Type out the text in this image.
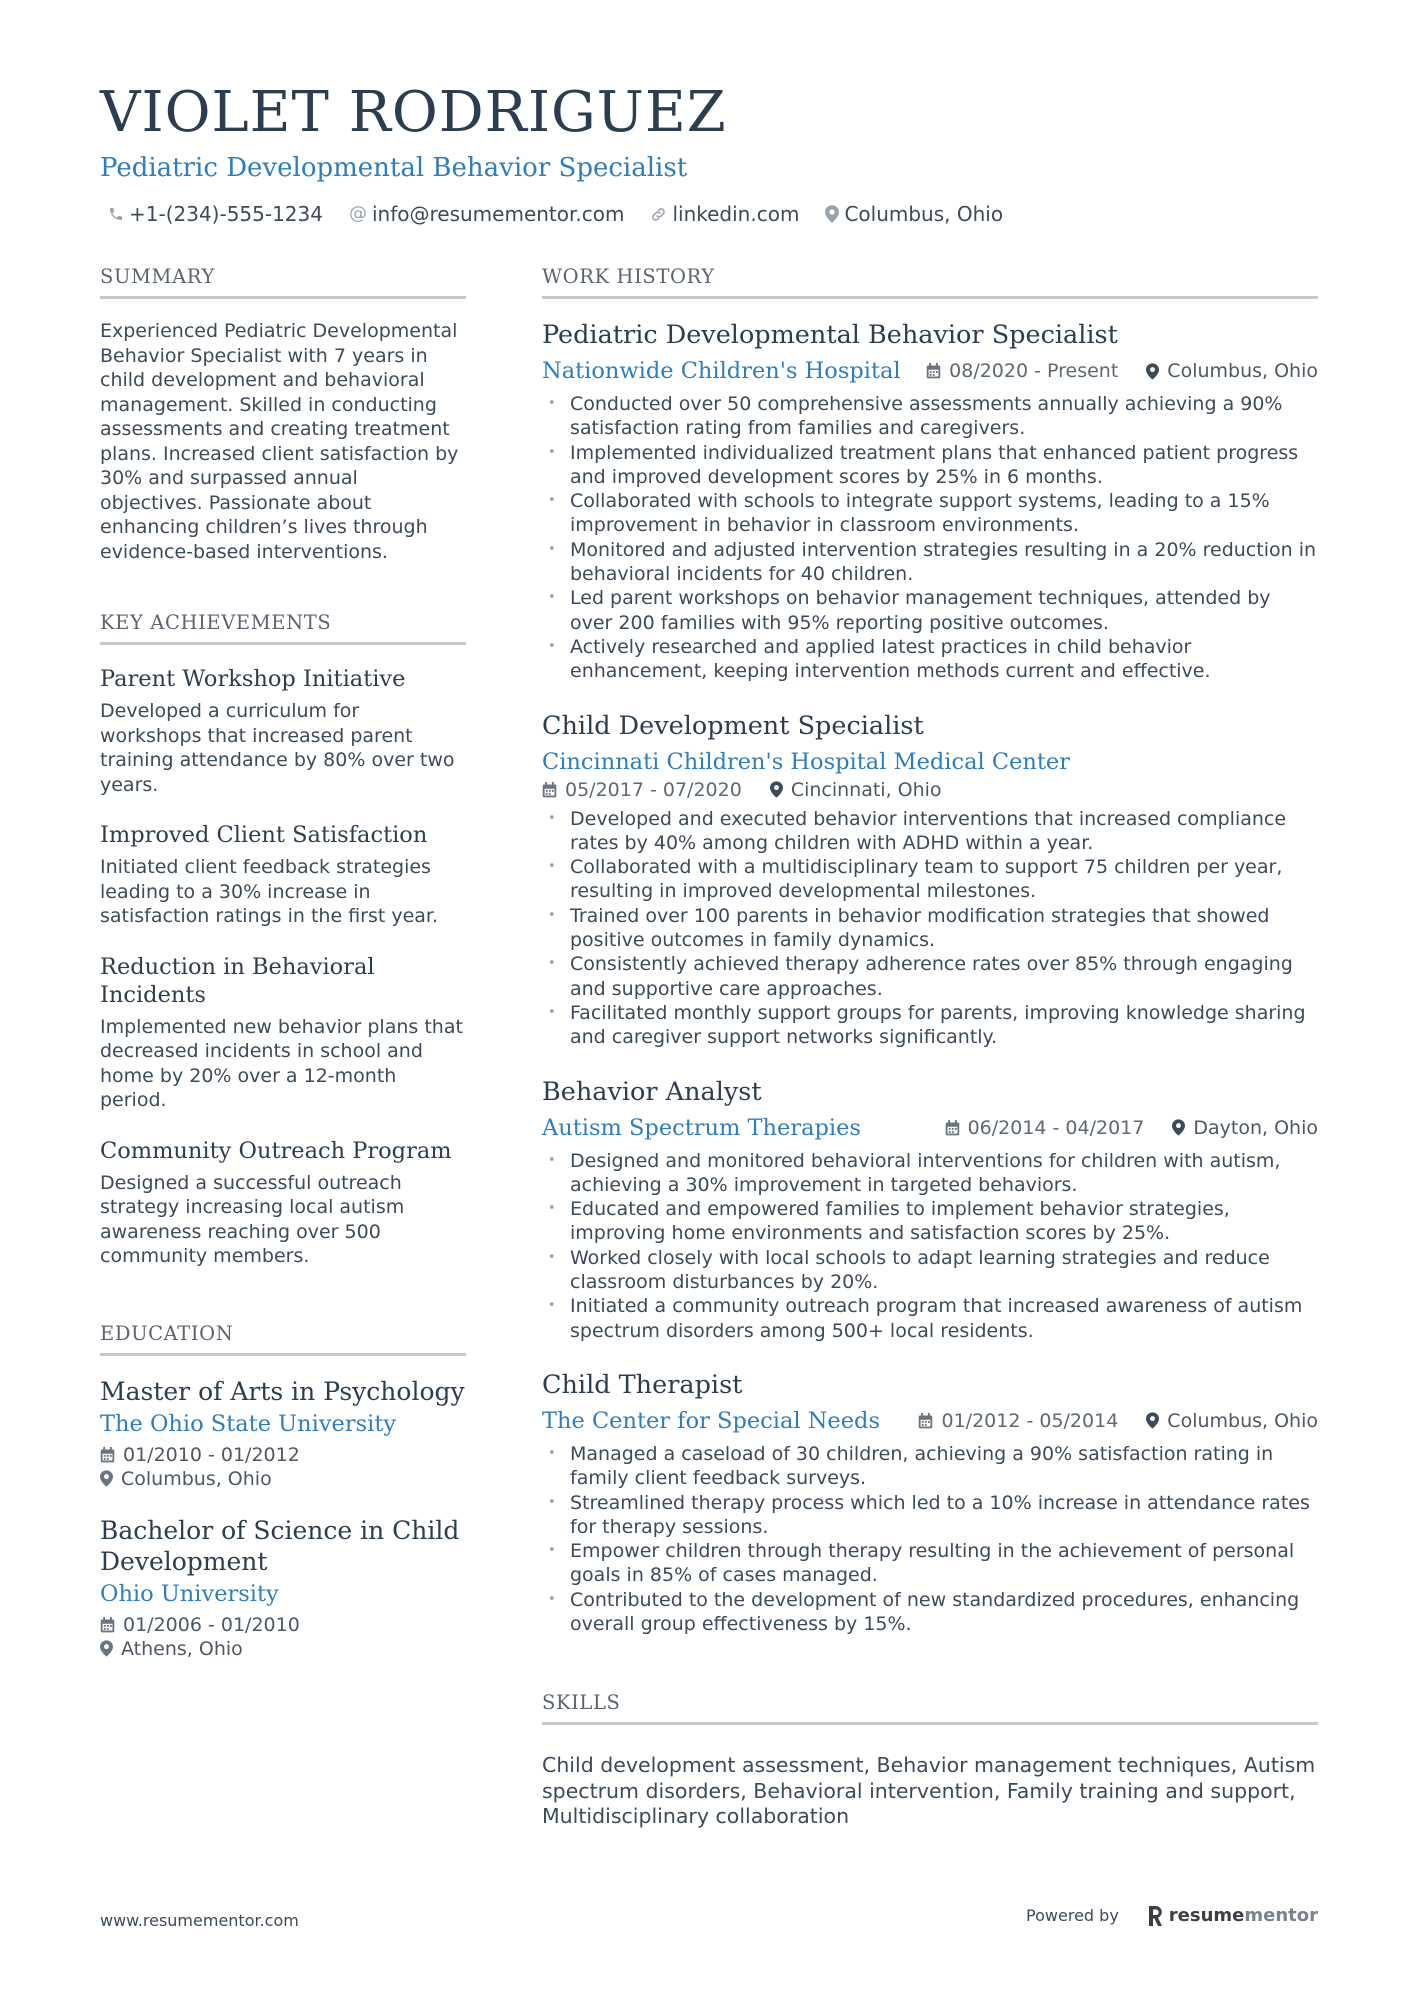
VIOLET RODRIGUEZ
Pediatric Developmental Behavior Specialist
+1-(234)-555-1234 @ info@resumementor.com linkedin.com Columbus, Ohio
SUMMARY
Experienced Pediatric Developmental Behavior Specialist with 7 years in child development and behavioral management. Skilled in conducting assessments and creating treatment plans. Increased client satisfaction by 30% and surpassed annual objectives. Passionate about enhancing children’s lives through evidence-based interventions.
KEY ACHIEVEMENTS
Parent Workshop Initiative
Developed a curriculum for workshops that increased parent training attendance by 80% over two years.
Improved Client Satisfaction
Initiated client feedback strategies leading to a 30% increase in satisfaction ratings in the first year.
Reduction in Behavioral Incidents
Implemented new behavior plans that decreased incidents in school and home by 20% over a 12-month period.
Community Outreach Program
Designed a successful outreach strategy increasing local autism awareness reaching over 500 community members.
EDUCATION
Master of Arts in Psychology
The Ohio State University
01/2010 - 01/2012
Columbus, Ohio
Bachelor of Science in Child Development
Ohio University
01/2006 - 01/2010
Athens, Ohio
WORK HISTORY
Pediatric Developmental Behavior Specialist
Nationwide Children's Hospital	08/2020 - Present	Columbus, Ohio
• Conducted over 50 comprehensive assessments annually achieving a 90% satisfaction rating from families and caregivers.
• Implemented individualized treatment plans that enhanced patient progress and improved development scores by 25% in 6 months.
• Collaborated with schools to integrate support systems, leading to a 15% improvement in behavior in classroom environments.
• Monitored and adjusted intervention strategies resulting in a 20% reduction in behavioral incidents for 40 children.
• Led parent workshops on behavior management techniques, attended by over 200 families with 95% reporting positive outcomes.
• Actively researched and applied latest practices in child behavior enhancement, keeping intervention methods current and effective.
Child Development Specialist
Cincinnati Children's Hospital Medical Center
05/2017 - 07/2020	Cincinnati, Ohio
• Developed and executed behavior interventions that increased compliance rates by 40% among children with ADHD within a year.
• Collaborated with a multidisciplinary team to support 75 children per year, resulting in improved developmental milestones.
• Trained over 100 parents in behavior modification strategies that showed positive outcomes in family dynamics.
• Consistently achieved therapy adherence rates over 85% through engaging and supportive care approaches.
• Facilitated monthly support groups for parents, improving knowledge sharing and caregiver support networks significantly.
Behavior Analyst
Autism Spectrum Therapies	06/2014 - 04/2017	Dayton, Ohio
• Designed and monitored behavioral interventions for children with autism, achieving a 30% improvement in targeted behaviors.
• Educated and empowered families to implement behavior strategies, improving home environments and satisfaction scores by 25%.
• Worked closely with local schools to adapt learning strategies and reduce classroom disturbances by 20%.
• Initiated a community outreach program that increased awareness of autism spectrum disorders among 500+ local residents.
Child Therapist
The Center for Special Needs	01/2012 - 05/2014	Columbus, Ohio
• Managed a caseload of 30 children, achieving a 90% satisfaction rating in family client feedback surveys.
• Streamlined therapy process which led to a 10% increase in attendance rates for therapy sessions.
• Empower children through therapy resulting in the achievement of personal goals in 85% of cases managed.
• Contributed to the development of new standardized procedures, enhancing overall group effectiveness by 15%.
SKILLS
Child development assessment, Behavior management techniques, Autism spectrum disorders, Behavioral intervention, Family training and support, Multidisciplinary collaboration
www.resumementor.com	Powered by	resume mentor
